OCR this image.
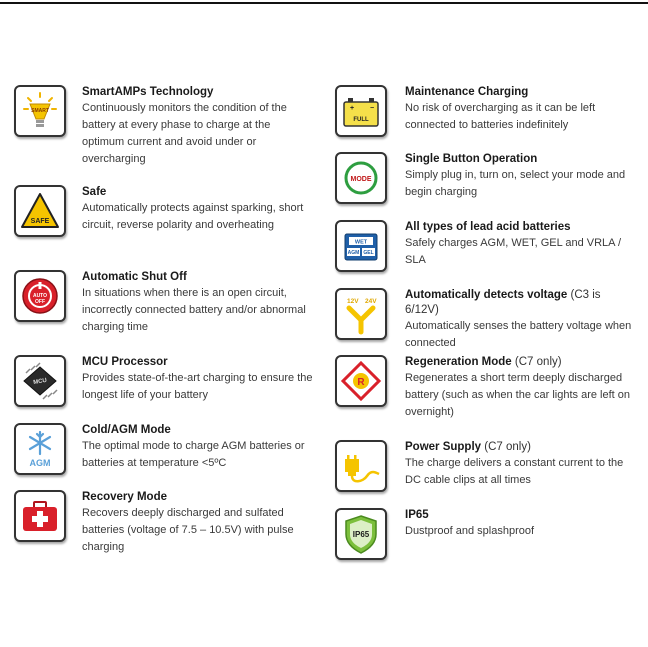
SMART
SmartAMPs Technology
Continuously monitors the condition of the battery at every phase to charge at the optimum current and avoid under or overcharging
SAFE
Safe
Automatically protects against sparking, short circuit, reverse polarity and overheating
AUTO
OFF
Automatic Shut Off
In situations when there is an open circuit, incorrectly connected battery and/or abnormal charging time
MCU
MCU Processor
Provides state-of-the-art charging to ensure the longest life of your battery
AGM
Cold/AGM Mode
The optimal mode to charge AGM batteries or batteries at temperature <5ºC
Recovery Mode
Recovers deeply discharged and sulfated batteries (voltage of 7.5 – 10.5V) with pulse charging
+ −
FULL
Maintenance Charging
No risk of overcharging as it can be left connected to batteries indefinitely
MODE
Single Button Operation
Simply plug in, turn on, select your mode and begin charging
WET
AGM GEL
All types of lead acid batteries
Safely charges AGM, WET, GEL and VRLA / SLA
12V 24V
Automatically detects voltage (C3 is 6/12V)
Automatically senses the battery voltage when connected
R
Regeneration Mode (C7 only)
Regenerates a short term deeply discharged battery (such as when the car lights are left on overnight)
Power Supply (C7 only)
The charge delivers a constant current to the DC cable clips at all times
IP65
IP65
Dustproof and splashproof
